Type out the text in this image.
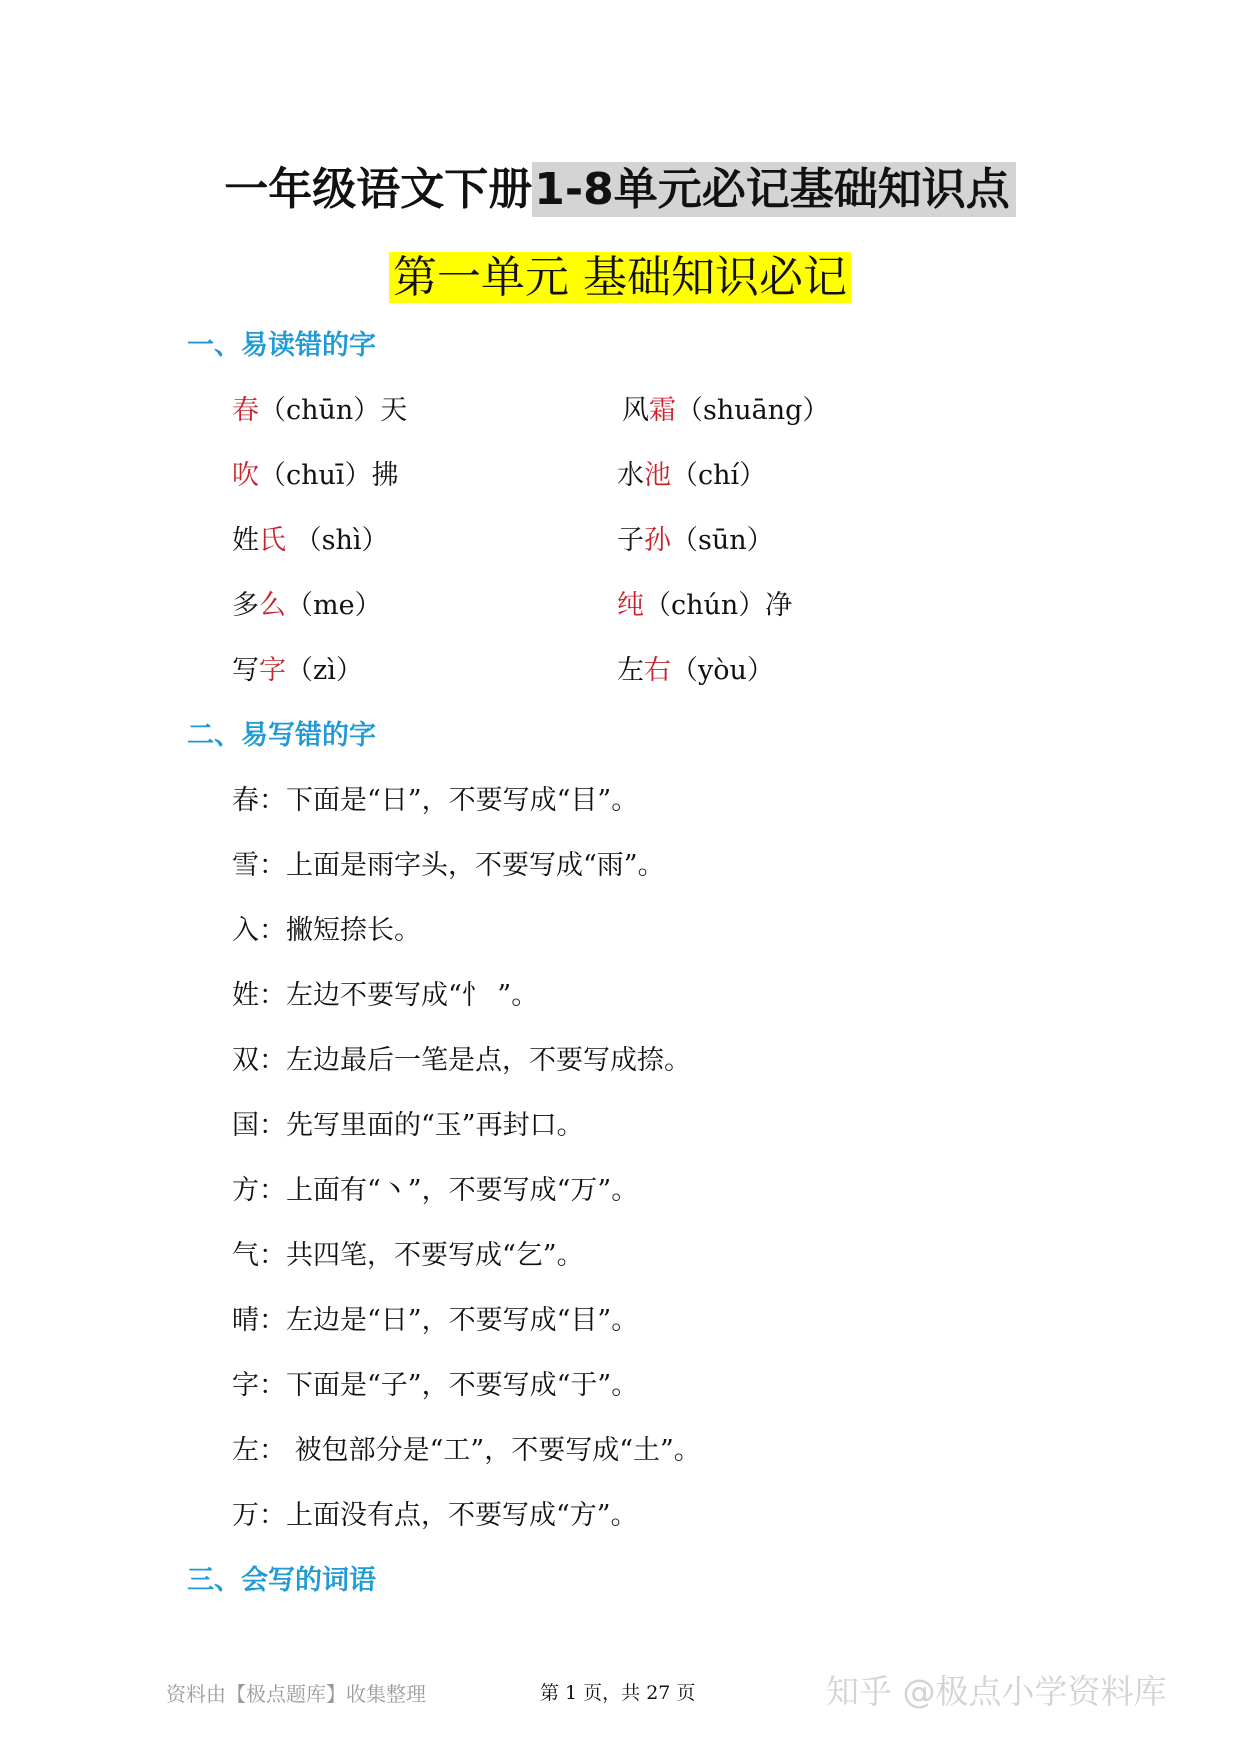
一年级语文下册1-8单元必记基础知识点
第一单元 基础知识必记
一、易读错的字
春（chūn）天	风霜（shuāng）
吹（chuī）拂	水池（chí）
姓氏 （shì）	子孙（sūn）
多么（me）	纯（chún）净
写字（zì）	左右（yòu）
二、易写错的字
春：下面是“日”，不要写成“目”。
雪：上面是雨字头，不要写成“雨”。
入：撇短捺长。
姓：左边不要写成“忄 ”。
双：左边最后一笔是点，不要写成捺。
国：先写里面的“玉”再封口。
方：上面有“丶”，不要写成“万”。
气：共四笔，不要写成“乞”。
晴：左边是“日”，不要写成“目”。
字：下面是“子”，不要写成“于”。
左： 被包部分是“工”，不要写成“土”。
万：上面没有点，不要写成“方”。
三、会写的词语
资料由【极点题库】收集整理	第 1 页，共 27 页	知乎 @极点小学资料库
